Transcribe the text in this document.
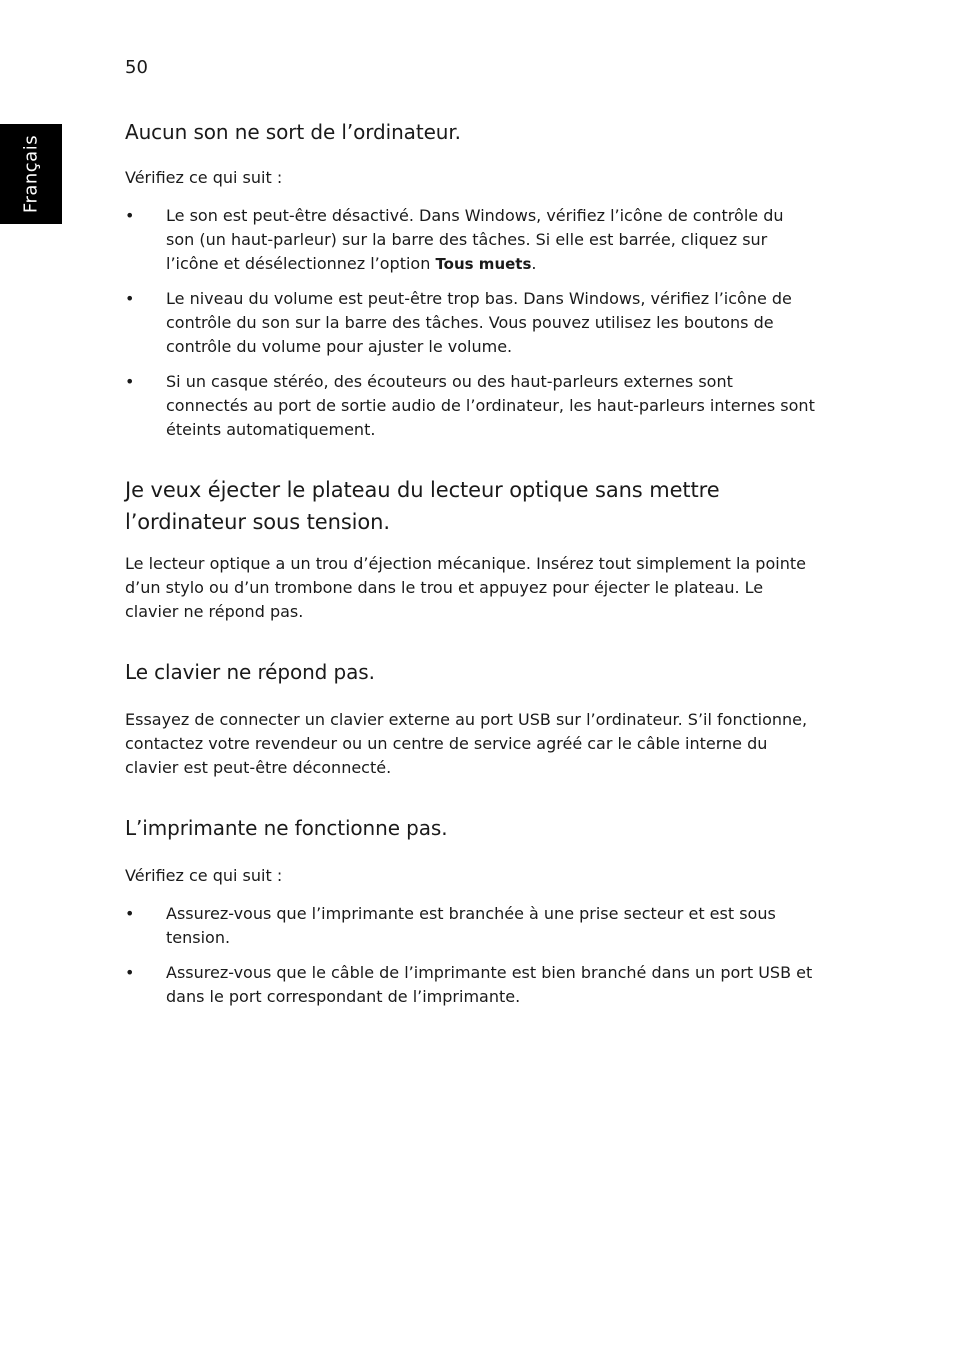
50
Français
Aucun son ne sort de l’ordinateur.

Vérifiez ce qui suit :

• Le son est peut-être désactivé. Dans Windows, vérifiez l’icône de contrôle du son (un haut-parleur) sur la barre des tâches. Si elle est barrée, cliquez sur l’icône et désélectionnez l’option Tous muets.
• Le niveau du volume est peut-être trop bas. Dans Windows, vérifiez l’icône de contrôle du son sur la barre des tâches. Vous pouvez utilisez les boutons de contrôle du volume pour ajuster le volume.
• Si un casque stéréo, des écouteurs ou des haut-parleurs externes sont connectés au port de sortie audio de l’ordinateur, les haut-parleurs internes sont éteints automatiquement.
Je veux éjecter le plateau du lecteur optique sans mettre l’ordinateur sous tension.

Le lecteur optique a un trou d’éjection mécanique. Insérez tout simplement la pointe d’un stylo ou d’un trombone dans le trou et appuyez pour éjecter le plateau. Le clavier ne répond pas.

Le clavier ne répond pas.

Essayez de connecter un clavier externe au port USB sur l’ordinateur. S’il fonctionne, contactez votre revendeur ou un centre de service agréé car le câble interne du clavier est peut-être déconnecté.

L’imprimante ne fonctionne pas.

Vérifiez ce qui suit :

• Assurez-vous que l’imprimante est branchée à une prise secteur et est sous tension.
• Assurez-vous que le câble de l’imprimante est bien branché dans un port USB et dans le port correspondant de l’imprimante.
